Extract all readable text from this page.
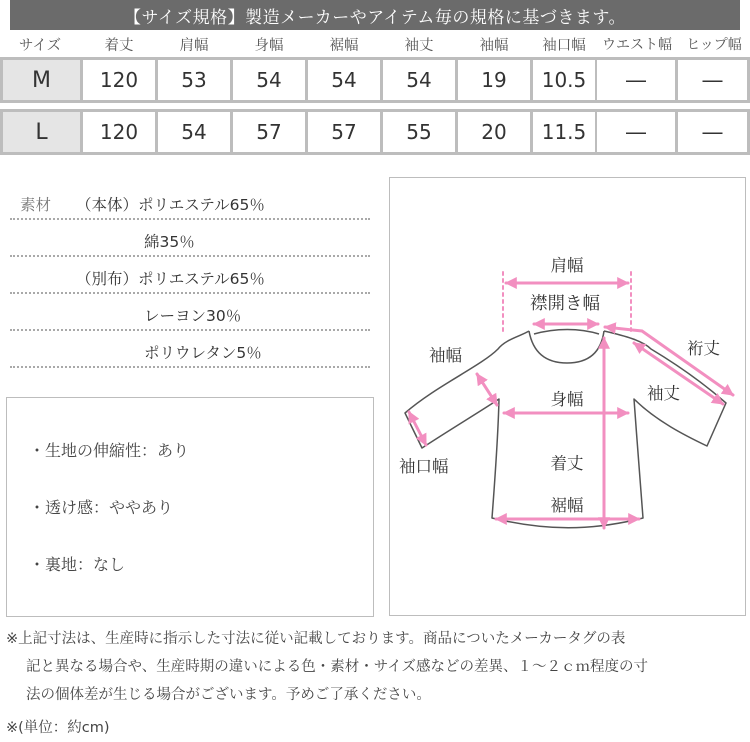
【サイズ規格】製造メーカーやアイテム毎の規格に基づきます。
サイズ	着丈	肩幅	身幅	裾幅	袖丈	袖幅	袖口幅	ウエスト幅	ヒップ幅
M	120	53	54	54	54	19	10.5	―	―
L	120	54	57	57	55	20	11.5	―	―
素材 （本体）ポリエステル65％
綿35％
（別布）ポリエステル65％
レーヨン30％
ポリウレタン5％
・生地の伸縮性：あり
・透け感：ややあり
・裏地：なし
肩幅
襟開き幅
袖幅	裄丈
袖丈
身幅
袖口幅	着丈
裾幅
※上記寸法は、生産時に指示した寸法に従い記載しております。商品についたメーカータグの表
記と異なる場合や、生産時期の違いによる色・素材・サイズ感などの差異、１～２ｃｍ程度の寸
法の個体差が生じる場合がございます。予めご了承ください。
※(単位：約cm)
